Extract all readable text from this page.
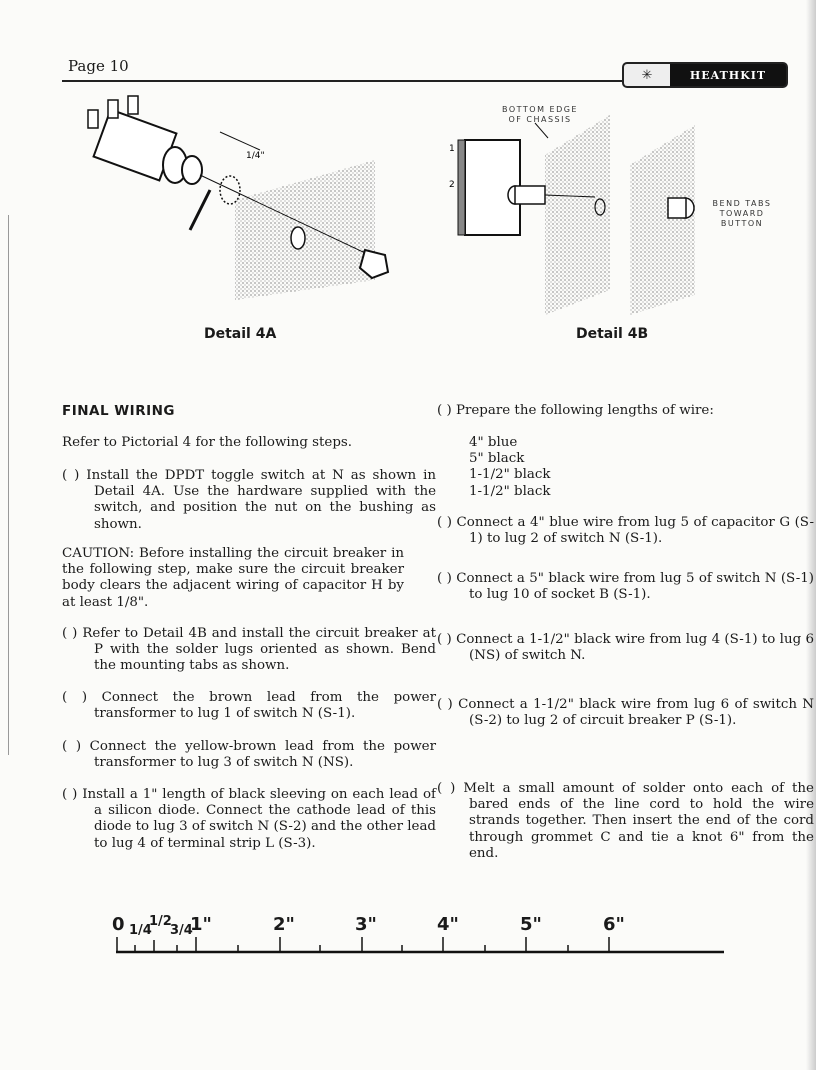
Page 10	✳	HEATHKIT
1/4"
Detail 4A
1
2
BOTTOM EDGE OF CHASSIS
BEND TABS TOWARD BUTTON
Detail 4B
FINAL WIRING
Refer to Pictorial 4 for the following steps.
( ) Install the DPDT toggle switch at N as shown in Detail 4A. Use the hardware supplied with the switch, and position the nut on the bushing as shown.
CAUTION: Before installing the circuit breaker in the following step, make sure the circuit breaker body clears the adjacent wiring of capacitor H by at least 1/8".
( ) Refer to Detail 4B and install the circuit breaker at P with the solder lugs oriented as shown. Bend the mounting tabs as shown.
( ) Connect the brown lead from the power transformer to lug 1 of switch N (S-1).
( ) Connect the yellow-brown lead from the power transformer to lug 3 of switch N (NS).
( ) Install a 1" length of black sleeving on each lead of a silicon diode. Connect the cathode lead of this diode to lug 3 of switch N (S-2) and the other lead to lug 4 of terminal strip L (S-3).
( ) Prepare the following lengths of wire:
4" blue
5" black
1-1/2" black
1-1/2" black
( ) Connect a 4" blue wire from lug 5 of capacitor G (S-1) to lug 2 of switch N (S-1).
( ) Connect a 5" black wire from lug 5 of switch N (S-1) to lug 10 of socket B (S-1).
( ) Connect a 1-1/2" black wire from lug 4 (S-1) to lug 6 (NS) of switch N.
( ) Connect a 1-1/2" black wire from lug 6 of switch N (S-2) to lug 2 of circuit breaker P (S-1).
( ) Melt a small amount of solder onto each of the bared ends of the line cord to hold the wire strands together. Then insert the end of the cord through grommet C and tie a knot 6" from the end.
0 1/4
1/2
3/4
1"	2"	3"	4"	5"	6"
